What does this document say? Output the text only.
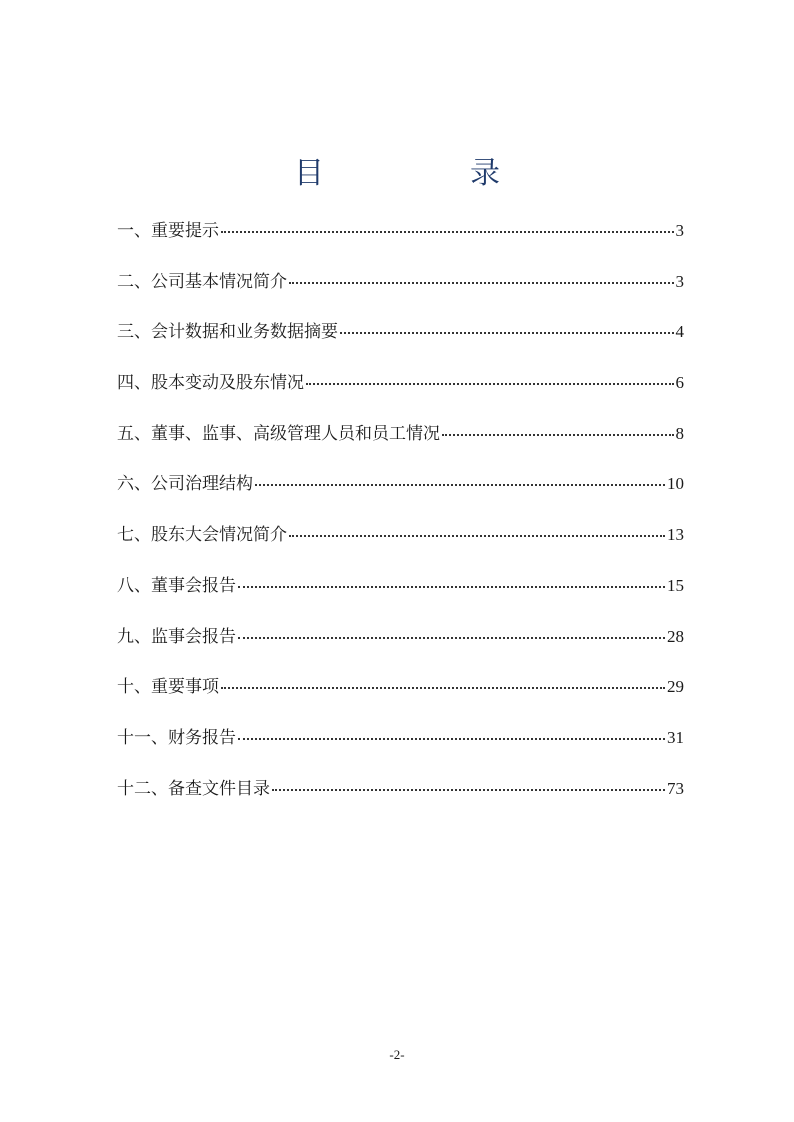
目　录
一、重要提示	3
二、公司基本情况简介	3
三、会计数据和业务数据摘要	4
四、股本变动及股东情况	6
五、董事、监事、高级管理人员和员工情况	8
六、公司治理结构	10
七、股东大会情况简介	13
八、董事会报告	15
九、监事会报告	28
十、重要事项	29
十一、财务报告	31
十二、备查文件目录	73
-2-
